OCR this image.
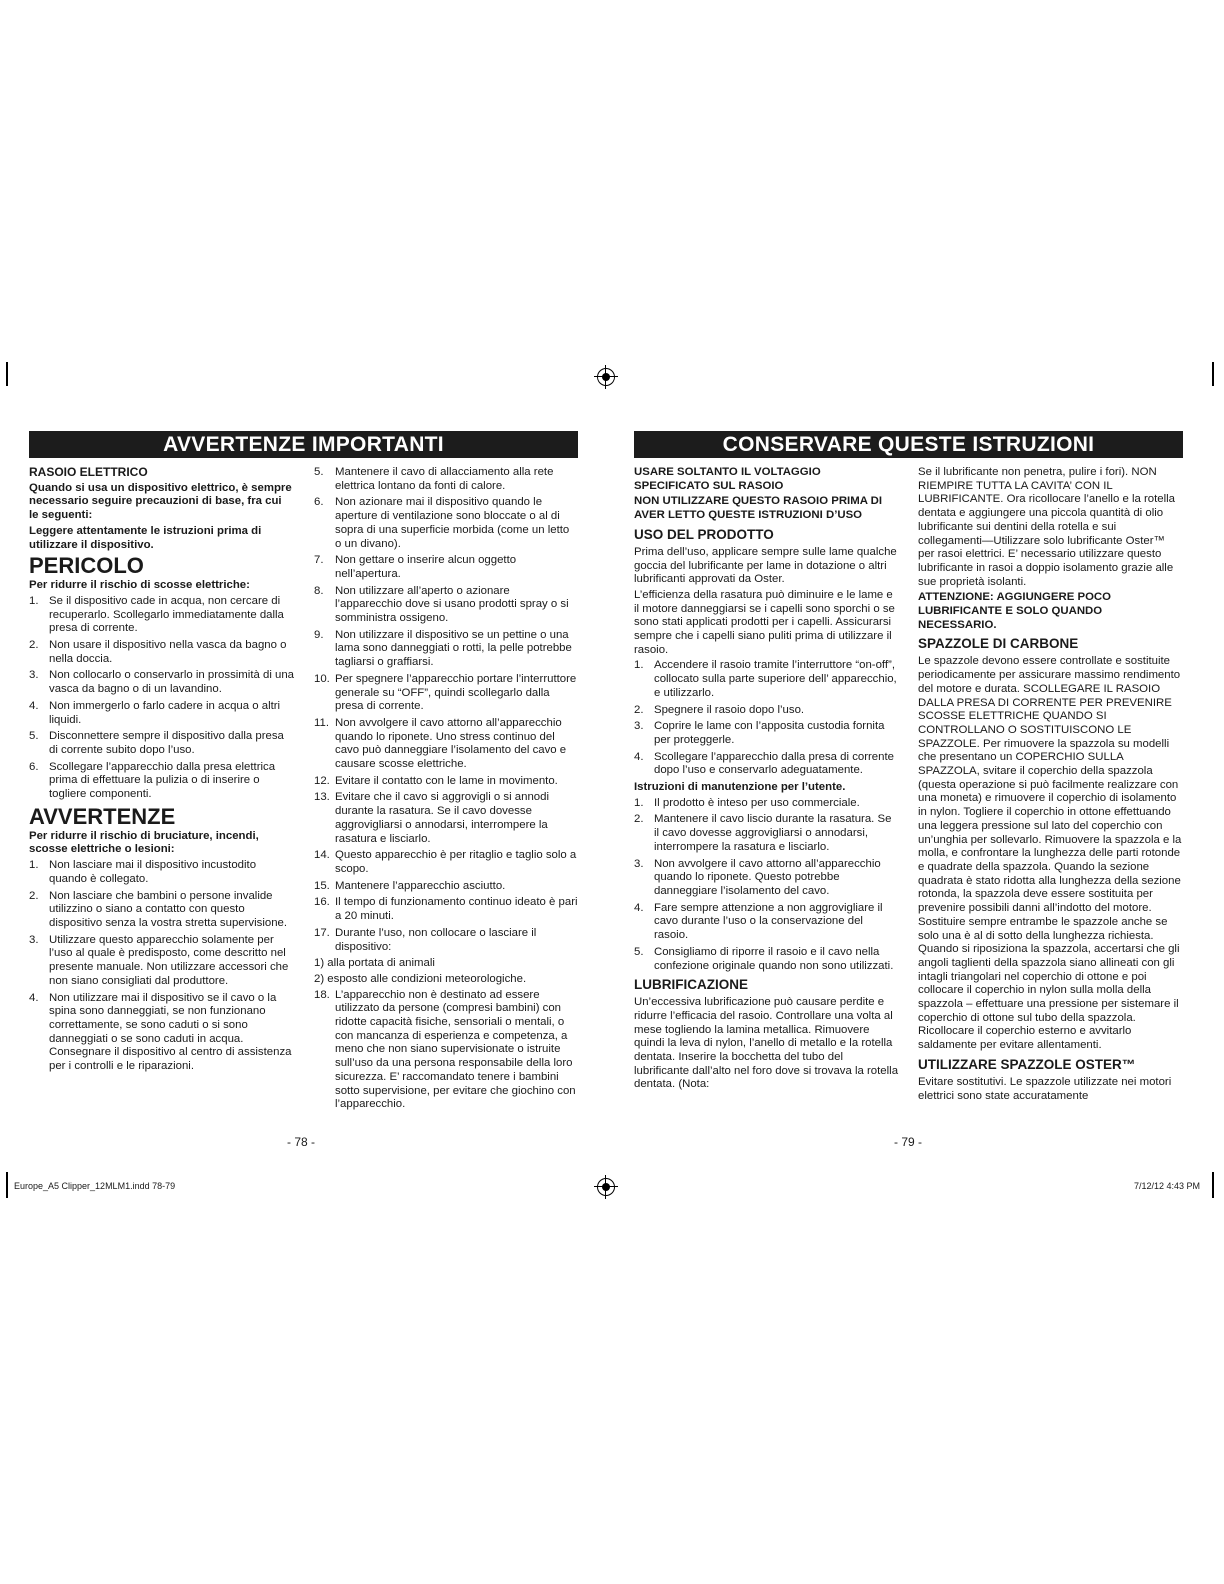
AVVERTENZE IMPORTANTI

RASOIO ELETTRICO

Quando si usa un dispositivo elettrico, è sempre necessario seguire precauzioni di base, fra cui le seguenti:

Leggere attentamente le istruzioni prima di utilizzare il dispositivo.

PERICOLO

Per ridurre il rischio di scosse elettriche:

1. Se il dispositivo cade in acqua, non cercare di recuperarlo. Scollegarlo immediatamente dalla presa di corrente.
2. Non usare il dispositivo nella vasca da bagno o nella doccia.
3. Non collocarlo o conservarlo in prossimità di una vasca da bagno o di un lavandino.
4. Non immergerlo o farlo cadere in acqua o altri liquidi.
5. Disconnettere sempre il dispositivo dalla presa di corrente subito dopo l’uso.
6. Scollegare l’apparecchio dalla presa elettrica prima di effettuare la pulizia o di inserire o togliere componenti.
AVVERTENZE

Per ridurre il rischio di bruciature, incendi, scosse elettriche o lesioni:

1. Non lasciare mai il dispositivo incustodito quando è collegato.
2. Non lasciare che bambini o persone invalide utilizzino o siano a contatto con questo dispositivo senza la vostra stretta supervisione.
3. Utilizzare questo apparecchio solamente per l’uso al quale è predisposto, come descritto nel presente manuale. Non utilizzare accessori che non siano consigliati dal produttore.
4. Non utilizzare mai il dispositivo se il cavo o la spina sono danneggiati, se non funzionano correttamente, se sono caduti o si sono danneggiati o se sono caduti in acqua. Consegnare il dispositivo al centro di assistenza per i controlli e le riparazioni.
5.	Mantenere il cavo di allacciamento alla rete elettrica lontano da fonti di calore.
6.	Non azionare mai il dispositivo quando le aperture di ventilazione sono bloccate o al di sopra di una superficie morbida (come un letto o un divano).
7.	Non gettare o inserire alcun oggetto nell’apertura.
8.	Non utilizzare all’aperto o azionare l’apparecchio dove si usano prodotti spray o si somministra ossigeno.
9.	Non utilizzare il dispositivo se un pettine o una lama sono danneggiati o rotti, la pelle potrebbe tagliarsi o graffiarsi.
10. Per spegnere l’apparecchio portare l’interruttore generale su “OFF”, quindi scollegarlo dalla presa di corrente.
11. Non avvolgere il cavo attorno all’apparecchio quando lo riponete. Uno stress continuo del cavo può danneggiare l’isolamento del cavo e causare scosse elettriche.
12. Evitare il contatto con le lame in movimento.
13. Evitare che il cavo si aggrovigli o si annodi durante la rasatura. Se il cavo dovesse aggrovigliarsi o annodarsi, interrompere la rasatura e lisciarlo.
14. Questo apparecchio è per ritaglio e taglio solo a scopo.
15. Mantenere l’apparecchio asciutto.
16. Il tempo di funzionamento continuo ideato è pari a 20 minuti.
17. Durante l’uso, non collocare o lasciare il dispositivo:

1) alla portata di animali

2) esposto alle condizioni meteorologiche.

18. L’apparecchio non è destinato ad essere utilizzato da persone (compresi bambini) con ridotte capacità fisiche, sensoriali o mentali, o con mancanza di esperienza e competenza, a meno che non siano supervisionate o istruite sull’uso da una persona responsabile della loro sicurezza. E’ raccomandato tenere i bambini sotto supervisione, per evitare che giochino con l’apparecchio.
- 78 -
CONSERVARE QUESTE ISTRUZIONI

USARE SOLTANTO IL VOLTAGGIO SPECIFICATO SUL RASOIO

NON UTILIZZARE QUESTO RASOIO PRIMA DI AVER LETTO QUESTE ISTRUZIONI D’USO

USO DEL PRODOTTO

Prima dell’uso, applicare sempre sulle lame qualche goccia del lubrificante per lame in dotazione o altri lubrificanti approvati da Oster.

L’efficienza della rasatura può diminuire e le lame e il motore danneggiarsi se i capelli sono sporchi o se sono stati applicati prodotti per i capelli. Assicurarsi sempre che i capelli siano puliti prima di utilizzare il rasoio.

1. Accendere il rasoio tramite l’interruttore “on-off”, collocato sulla parte superiore dell’ apparecchio, e utilizzarlo.
2. Spegnere il rasoio dopo l’uso.
3. Coprire le lame con l’apposita custodia fornita per proteggerle.
4. Scollegare l’apparecchio dalla presa di corrente dopo l’uso e conservarlo adeguatamente.

Istruzioni di manutenzione per l’utente.

1. Il prodotto è inteso per uso commerciale.
2. Mantenere il cavo liscio durante la rasatura. Se il cavo dovesse aggrovigliarsi o annodarsi, interrompere la rasatura e lisciarlo.
3. Non avvolgere il cavo attorno all’apparecchio quando lo riponete. Questo potrebbe danneggiare l’isolamento del cavo.
4. Fare sempre attenzione a non aggrovigliare il cavo durante l’uso o la conservazione del rasoio.
5. Consigliamo di riporre il rasoio e il cavo nella confezione originale quando non sono utilizzati.
LUBRIFICAZIONE

Un’eccessiva lubrificazione può causare perdite e ridurre l’efficacia del rasoio. Controllare una volta al mese togliendo la lamina metallica. Rimuovere quindi la leva di nylon, l’anello di metallo e la rotella dentata. Inserire la bocchetta del tubo del lubrificante dall’alto nel foro dove si trovava la rotella dentata. (Nota:

Se il lubrificante non penetra, pulire i fori). NON RIEMPIRE TUTTA LA CAVITA’ CON IL LUBRIFICANTE. Ora ricollocare l’anello e la rotella dentata e aggiungere una piccola quantità di olio lubrificante sui dentini della rotella e sui collegamenti—Utilizzare solo lubrificante Oster™ per rasoi elettrici. E’ necessario utilizzare questo lubrificante in rasoi a doppio isolamento grazie alle sue proprietà isolanti.

ATTENZIONE: AGGIUNGERE POCO LUBRIFICANTE E SOLO QUANDO NECESSARIO.

SPAZZOLE DI CARBONE

Le spazzole devono essere controllate e sostituite periodicamente per assicurare massimo rendimento del motore e durata. SCOLLEGARE IL RASOIO DALLA PRESA DI CORRENTE PER PREVENIRE SCOSSE ELETTRICHE QUANDO SI CONTROLLANO O SOSTITUISCONO LE SPAZZOLE. Per rimuovere la spazzola su modelli che presentano un COPERCHIO SULLA SPAZZOLA, svitare il coperchio della spazzola (questa operazione si può facilmente realizzare con una moneta) e rimuovere il coperchio di isolamento in nylon. Togliere il coperchio in ottone effettuando una leggera pressione sul lato del coperchio con un’unghia per sollevarlo. Rimuovere la spazzola e la molla, e confrontare la lunghezza delle parti rotonde e quadrate della spazzola. Quando la sezione quadrata è stato ridotta alla lunghezza della sezione rotonda, la spazzola deve essere sostituita per prevenire possibili danni all’indotto del motore. Sostituire sempre entrambe le spazzole anche se solo una è al di sotto della lunghezza richiesta. Quando si riposiziona la spazzola, accertarsi che gli angoli taglienti della spazzola siano allineati con gli intagli triangolari nel coperchio di ottone e poi collocare il coperchio in nylon sulla molla della spazzola – effettuare una pressione per sistemare il coperchio di ottone sul tubo della spazzola. Ricollocare il coperchio esterno e avvitarlo saldamente per evitare allentamenti.

UTILIZZARE SPAZZOLE OSTER™

Evitare sostitutivi. Le spazzole utilizzate nei motori elettrici sono state accuratamente

- 79 -
Europe_A5 Clipper_12MLM1.indd 78-79	7/12/12 4:43 PM
